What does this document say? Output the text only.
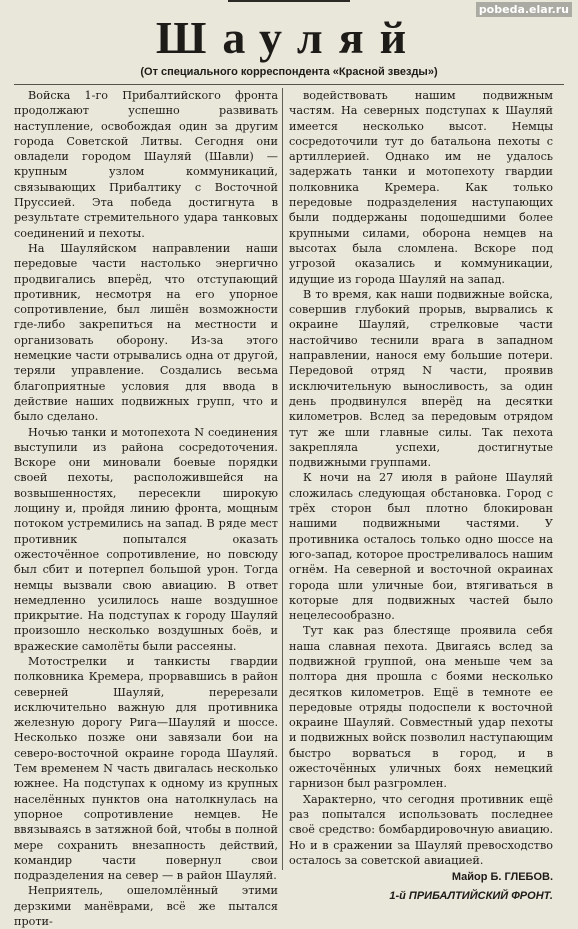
pobeda.elar.ru
Шауляй
(От специального корреспондента «Красной звезды»)

Войска 1-го Прибалтийского фронта продолжают успешно развивать наступление, освобождая один за другим города Советской Литвы. Сегодня они овладели городом Шауляй (Шавли) — крупным узлом коммуникаций, связывающих Прибалтику с Восточной Пруссией. Эта победа достигнута в результате стремительного удара танковых соединений и пехоты.

На Шауляйском направлении наши передовые части настолько энергично продвигались вперёд, что отступающий противник, несмотря на его упорное сопротивление, был лишён возможности где-либо закрепиться на местности и организовать оборону. Из-за этого немецкие части отрывались одна от другой, теряли управление. Создались весьма благоприятные условия для ввода в действие наших подвижных групп, что и было сделано.

Ночью танки и мотопехота N соединения выступили из района сосредоточения. Вскоре они миновали боевые порядки своей пехоты, расположившейся на возвышенностях, пересекли широкую лощину и, пройдя линию фронта, мощным потоком устремились на запад. В ряде мест противник попытался оказать ожесточённое сопротивление, но повсюду был сбит и потерпел большой урон. Тогда немцы вызвали свою авиацию. В ответ немедленно усилилось наше воздушное прикрытие. На подступах к городу Шауляй произошло несколько воздушных боёв, и вражеские самолёты были рассеяны.

Мотострелки и танкисты гвардии полковника Кремера, прорвавшись в район северней Шауляй, перерезали исключительно важную для противника железную дорогу Рига—Шауляй и шоссе. Несколько позже они завязали бои на северо-восточной окраине города Шауляй. Тем временем N часть двигалась несколько южнее. На подступах к одному из крупных населённых пунктов она натолкнулась на упорное сопротивление немцев. Не ввязываясь в затяжной бой, чтобы в полной мере сохранить внезапность действий, командир части повернул свои подразделения на север — в район Шауляй.

Неприятель, ошеломлённый этими дерзкими манёврами, всё же пытался проти-

водействовать нашим подвижным частям. На северных подступах к Шауляй имеется несколько высот. Немцы сосредоточили тут до батальона пехоты с артиллерией. Однако им не удалось задержать танки и мотопехоту гвардии полковника Кремера. Как только передовые подразделения наступающих были поддержаны подошедшими более крупными силами, оборона немцев на высотах была сломлена. Вскоре под угрозой оказались и коммуникации, идущие из города Шауляй на запад.

В то время, как наши подвижные войска, совершив глубокий прорыв, вырвались к окраине Шауляй, стрелковые части настойчиво теснили врага в западном направлении, нанося ему большие потери. Передовой отряд N части, проявив исключительную выносливость, за один день продвинулся вперёд на десятки километров. Вслед за передовым отрядом тут же шли главные силы. Так пехота закрепляла успехи, достигнутые подвижными группами.

К ночи на 27 июля в районе Шауляй сложилась следующая обстановка. Город с трёх сторон был плотно блокирован нашими подвижными частями. У противника осталось только одно шоссе на юго-запад, которое простреливалось нашим огнём. На северной и восточной окраинах города шли уличные бои, втягиваться в которые для подвижных частей было нецелесообразно.

Тут как раз блестяще проявила себя наша славная пехота. Двигаясь вслед за подвижной группой, она меньше чем за полтора дня прошла с боями несколько десятков километров. Ещё в темноте ее передовые отряды подоспели к восточной окраине Шауляй. Совместный удар пехоты и подвижных войск позволил наступающим быстро ворваться в город, и в ожесточённых уличных боях немецкий гарнизон был разгромлен.

Характерно, что сегодня противник ещё раз попытался использовать последнее своё средство: бомбардировочную авиацию. Но и в сражении за Шауляй превосходство осталось за советской авиацией.

Майор Б. ГЛЕБОВ.
1-й ПРИБАЛТИЙСКИЙ ФРОНТ.
